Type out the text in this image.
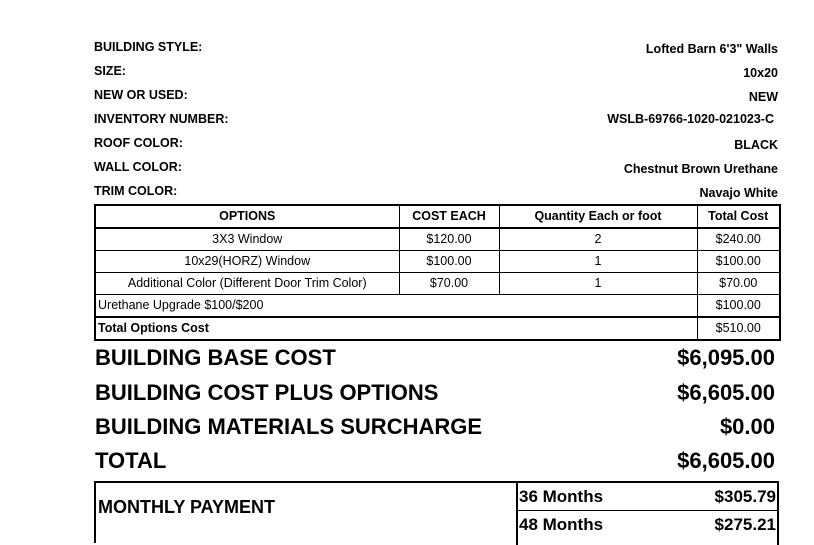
BUILDING STYLE:	Lofted Barn 6'3" Walls
SIZE:	10x20
NEW OR USED:	NEW
INVENTORY NUMBER:	WSLB-69766-1020-021023-C
ROOF COLOR:	BLACK
WALL COLOR:	Chestnut Brown Urethane
TRIM COLOR:	Navajo White
OPTIONS	COST EACH	Quantity Each or foot	Total Cost
3X3 Window	$120.00	2	$240.00
10x29(HORZ) Window	$100.00	1	$100.00
Additional Color (Different Door Trim Color)	$70.00	1	$70.00
Urethane Upgrade $100/$200			$100.00
Total Options Cost			$510.00
BUILDING BASE COST	$6,095.00
BUILDING COST PLUS OPTIONS	$6,605.00
BUILDING MATERIALS SURCHARGE	$0.00
TOTAL	$6,605.00
MONTHLY PAYMENT
36 Months	$305.79
48 Months	$275.21
